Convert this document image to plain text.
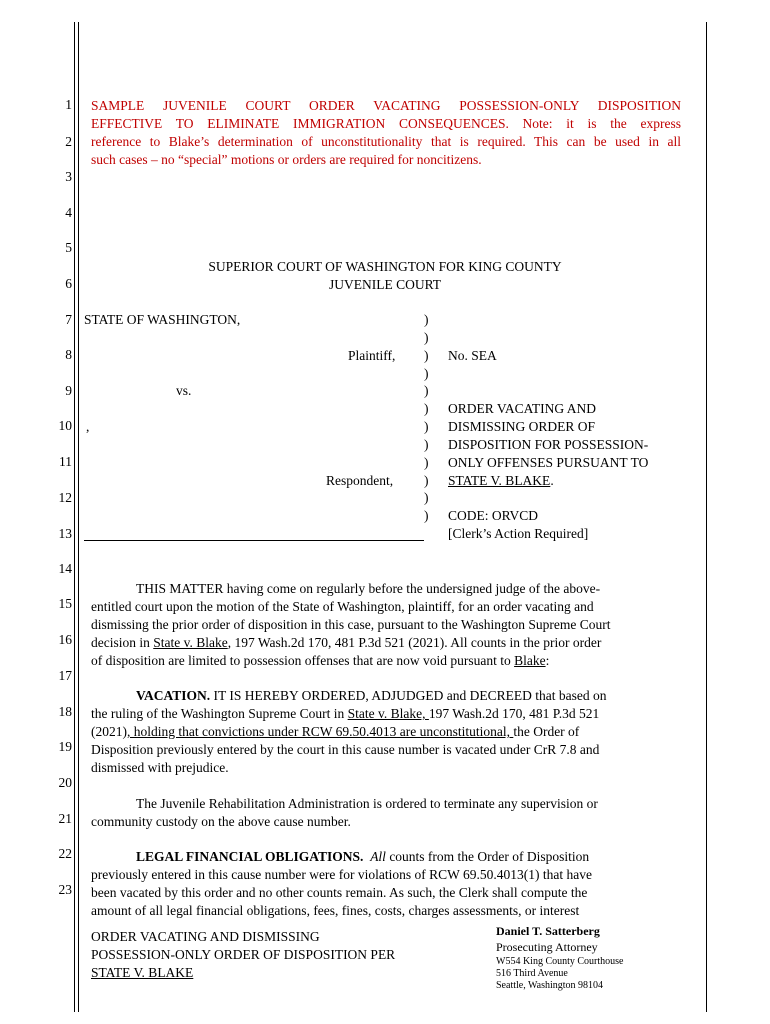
1
2
3
4
5
6
7
8
9
10
11
12
13
14
15
16
17
18
19
20
21
22
23
SAMPLE JUVENILE COURT ORDER VACATING POSSESSION-ONLY DISPOSITION
EFFECTIVE TO ELIMINATE IMMIGRATION CONSEQUENCES. Note: it is the express
reference to Blake’s determination of unconstitutionality that is required. This can be used in all
such cases – no “special” motions or orders are required for noncitizens.
SUPERIOR COURT OF WASHINGTON FOR KING COUNTY
JUVENILE COURT
STATE OF WASHINGTON,
Plaintiff,
vs.
,
Respondent,
)
)
)
)
)
)
)
)
)
)
)
)
No. SEA
ORDER VACATING AND
DISMISSING ORDER OF
DISPOSITION FOR POSSESSION-
ONLY OFFENSES PURSUANT TO
STATE V. BLAKE.
CODE: ORVCD
[Clerk’s Action Required]
THIS MATTER having come on regularly before the undersigned judge of the above-
entitled court upon the motion of the State of Washington, plaintiff, for an order vacating and
dismissing the prior order of disposition in this case, pursuant to the Washington Supreme Court
decision in State v. Blake, 197 Wash.2d 170, 481 P.3d 521 (2021). All counts in the prior order
of disposition are limited to possession offenses that are now void pursuant to Blake:
VACATION. IT IS HEREBY ORDERED, ADJUDGED and DECREED that based on
the ruling of the Washington Supreme Court in State v. Blake, 197 Wash.2d 170, 481 P.3d 521
(2021), holding that convictions under RCW 69.50.4013 are unconstitutional, the Order of
Disposition previously entered by the court in this cause number is vacated under CrR 7.8 and
dismissed with prejudice.
The Juvenile Rehabilitation Administration is ordered to terminate any supervision or
community custody on the above cause number.
LEGAL FINANCIAL OBLIGATIONS. All counts from the Order of Disposition
previously entered in this cause number were for violations of RCW 69.50.4013(1) that have
been vacated by this order and no other counts remain. As such, the Clerk shall compute the
amount of all legal financial obligations, fees, fines, costs, charges assessments, or interest
ORDER VACATING AND DISMISSING
POSSESSION-ONLY ORDER OF DISPOSITION PER
STATE V. BLAKE
Daniel T. Satterberg
Prosecuting Attorney
W554 King County Courthouse
516 Third Avenue
Seattle, Washington 98104
